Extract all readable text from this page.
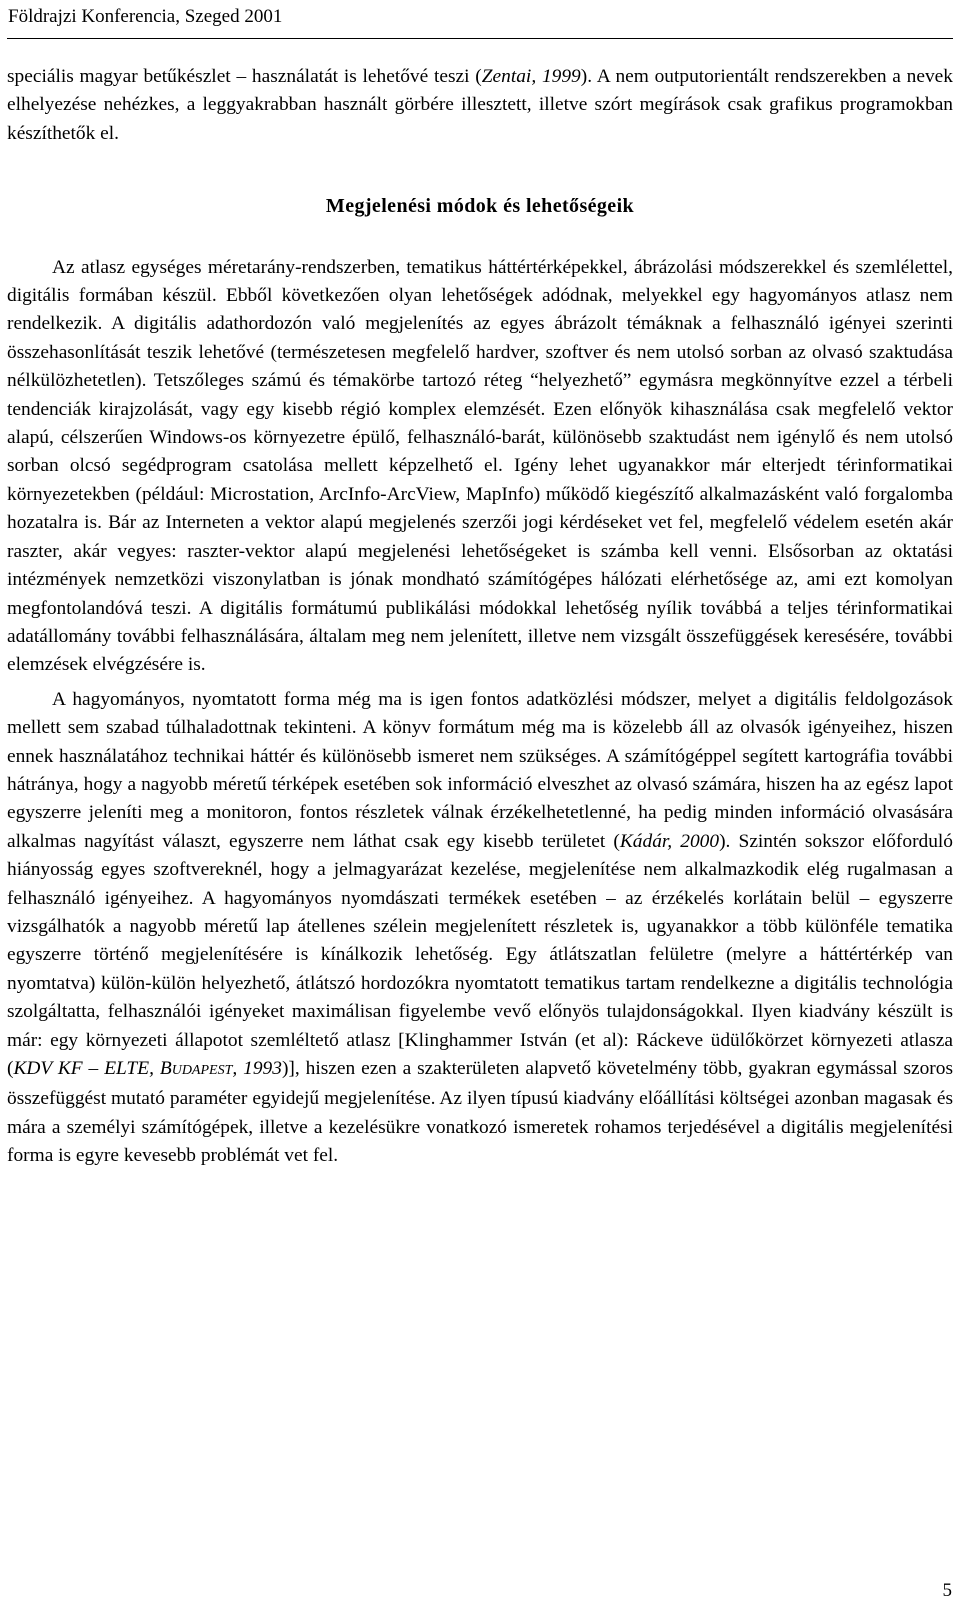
Földrajzi Konferencia, Szeged 2001

speciális magyar betűkészlet – használatát is lehetővé teszi (Zentai, 1999). A nem outputorientált rendszerekben a nevek elhelyezése nehézkes, a leggyakrabban használt görbére illesztett, illetve szórt megírások csak grafikus programokban készíthetők el.

Megjelenési módok és lehetőségeik

Az atlasz egységes méretarány-rendszerben, tematikus háttértérképekkel, ábrázolási módszerekkel és szemlélettel, digitális formában készül. Ebből következően olyan lehetőségek adódnak, melyekkel egy hagyományos atlasz nem rendelkezik. A digitális adathordozón való megjelenítés az egyes ábrázolt témáknak a felhasználó igényei szerinti összehasonlítását teszik lehetővé (természetesen megfelelő hardver, szoftver és nem utolsó sorban az olvasó szaktudása nélkülözhetetlen). Tetszőleges számú és témakörbe tartozó réteg “helyezhető” egymásra megkönnyítve ezzel a térbeli tendenciák kirajzolását, vagy egy kisebb régió komplex elemzését. Ezen előnyök kihasználása csak megfelelő vektor alapú, célszerűen Windows-os környezetre épülő, felhasználó-barát, különösebb szaktudást nem igénylő és nem utolsó sorban olcsó segédprogram csatolása mellett képzelhető el. Igény lehet ugyanakkor már elterjedt térinformatikai környezetekben (például: Microstation, ArcInfo-ArcView, MapInfo) működő kiegészítő alkalmazásként való forgalomba hozatalra is. Bár az Interneten a vektor alapú megjelenés szerzői jogi kérdéseket vet fel, megfelelő védelem esetén akár raszter, akár vegyes: raszter-vektor alapú megjelenési lehetőségeket is számba kell venni. Elsősorban az oktatási intézmények nemzetközi viszonylatban is jónak mondható számítógépes hálózati elérhetősége az, ami ezt komolyan megfontolandóvá teszi. A digitális formátumú publikálási módokkal lehetőség nyílik továbbá a teljes térinformatikai adatállomány további felhasználására, általam meg nem jelenített, illetve nem vizsgált összefüggések keresésére, további elemzések elvégzésére is.

A hagyományos, nyomtatott forma még ma is igen fontos adatközlési módszer, melyet a digitális feldolgozások mellett sem szabad túlhaladottnak tekinteni. A könyv formátum még ma is közelebb áll az olvasók igényeihez, hiszen ennek használatához technikai háttér és különösebb ismeret nem szükséges. A számítógéppel segített kartográfia további hátránya, hogy a nagyobb méretű térképek esetében sok információ elveszhet az olvasó számára, hiszen ha az egész lapot egyszerre jeleníti meg a monitoron, fontos részletek válnak érzékelhetetlenné, ha pedig minden információ olvasására alkalmas nagyítást választ, egyszerre nem láthat csak egy kisebb területet (Kádár, 2000). Szintén sokszor előforduló hiányosság egyes szoftvereknél, hogy a jelmagyarázat kezelése, megjelenítése nem alkalmazkodik elég rugalmasan a felhasználó igényeihez. A hagyományos nyomdászati termékek esetében – az érzékelés korlátain belül – egyszerre vizsgálhatók a nagyobb méretű lap átellenes szélein megjelenített részletek is, ugyanakkor a több különféle tematika egyszerre történő megjelenítésére is kínálkozik lehetőség. Egy átlátszatlan felületre (melyre a háttértérkép van nyomtatva) külön-külön helyezhető, átlátszó hordozókra nyomtatott tematikus tartam rendelkezne a digitális technológia szolgáltatta, felhasználói igényeket maximálisan figyelembe vevő előnyös tulajdonságokkal. Ilyen kiadvány készült is már: egy környezeti állapotot szemléltető atlasz [Klinghammer István (et al): Ráckeve üdülőkörzet környezeti atlasza (KDV KF – ELTE, BUDAPEST, 1993)], hiszen ezen a szakterületen alapvető követelmény több, gyakran egymással szoros összefüggést mutató paraméter egyidejű megjelenítése. Az ilyen típusú kiadvány előállítási költségei azonban magasak és mára a személyi számítógépek, illetve a kezelésükre vonatkozó ismeretek rohamos terjedésével a digitális megjelenítési forma is egyre kevesebb problémát vet fel.

5
